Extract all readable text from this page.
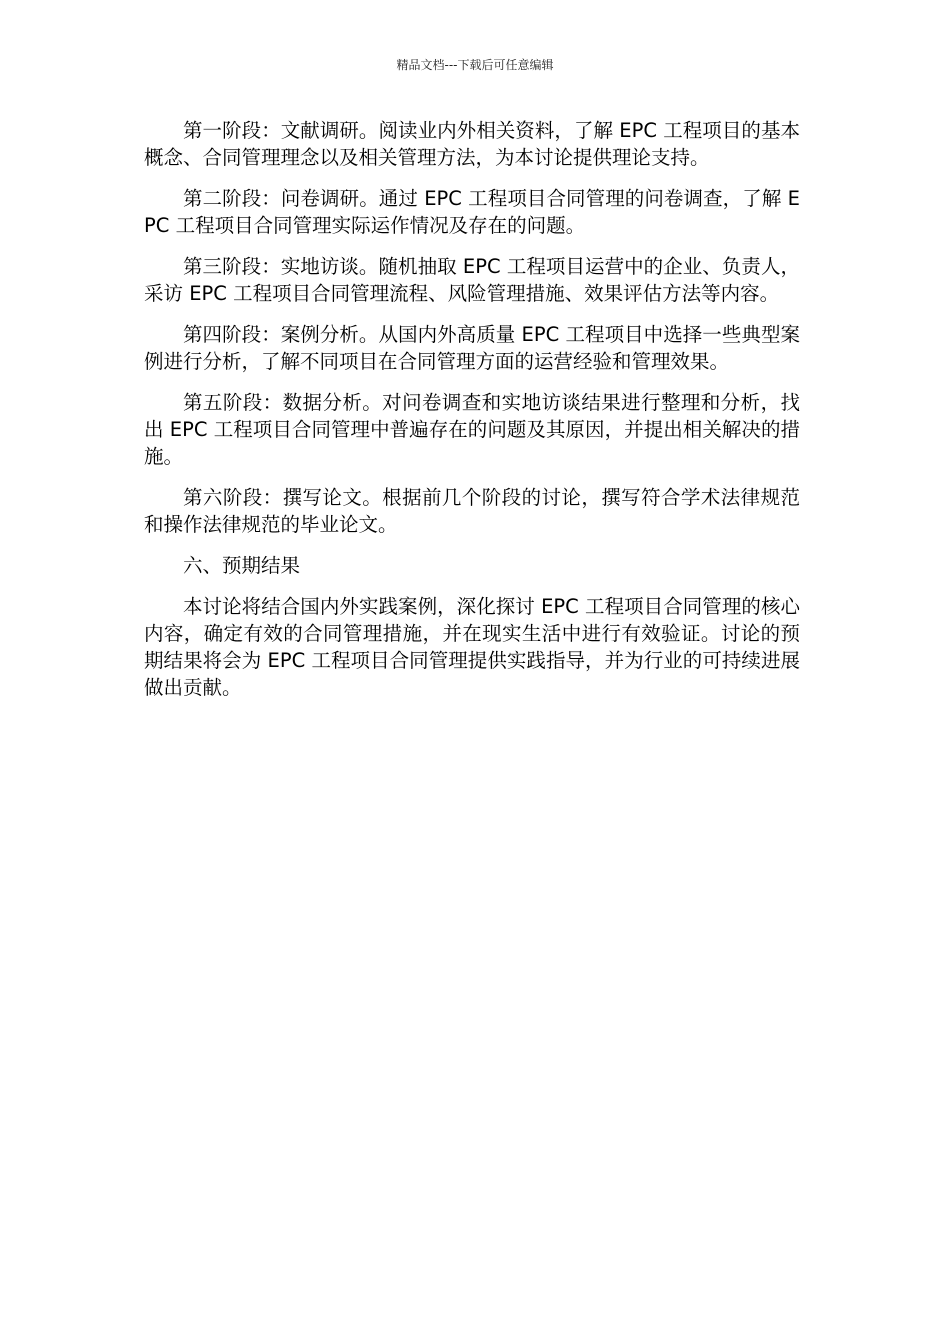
精品文档---下载后可任意编辑

第一阶段：文献调研。阅读业内外相关资料，了解 EPC 工程项目的基本概念、合同管理理念以及相关管理方法，为本讨论提供理论支持。

第二阶段：问卷调研。通过 EPC 工程项目合同管理的问卷调查，了解 EPC 工程项目合同管理实际运作情况及存在的问题。

第三阶段：实地访谈。随机抽取 EPC 工程项目运营中的企业、负责人，采访 EPC 工程项目合同管理流程、风险管理措施、效果评估方法等内容。

第四阶段：案例分析。从国内外高质量 EPC 工程项目中选择一些典型案例进行分析，了解不同项目在合同管理方面的运营经验和管理效果。

第五阶段：数据分析。对问卷调查和实地访谈结果进行整理和分析，找出 EPC 工程项目合同管理中普遍存在的问题及其原因，并提出相关解决的措施。

第六阶段：撰写论文。根据前几个阶段的讨论，撰写符合学术法律规范和操作法律规范的毕业论文。

六、预期结果

本讨论将结合国内外实践案例，深化探讨 EPC 工程项目合同管理的核心内容，确定有效的合同管理措施，并在现实生活中进行有效验证。讨论的预期结果将会为 EPC 工程项目合同管理提供实践指导，并为行业的可持续进展做出贡献。
